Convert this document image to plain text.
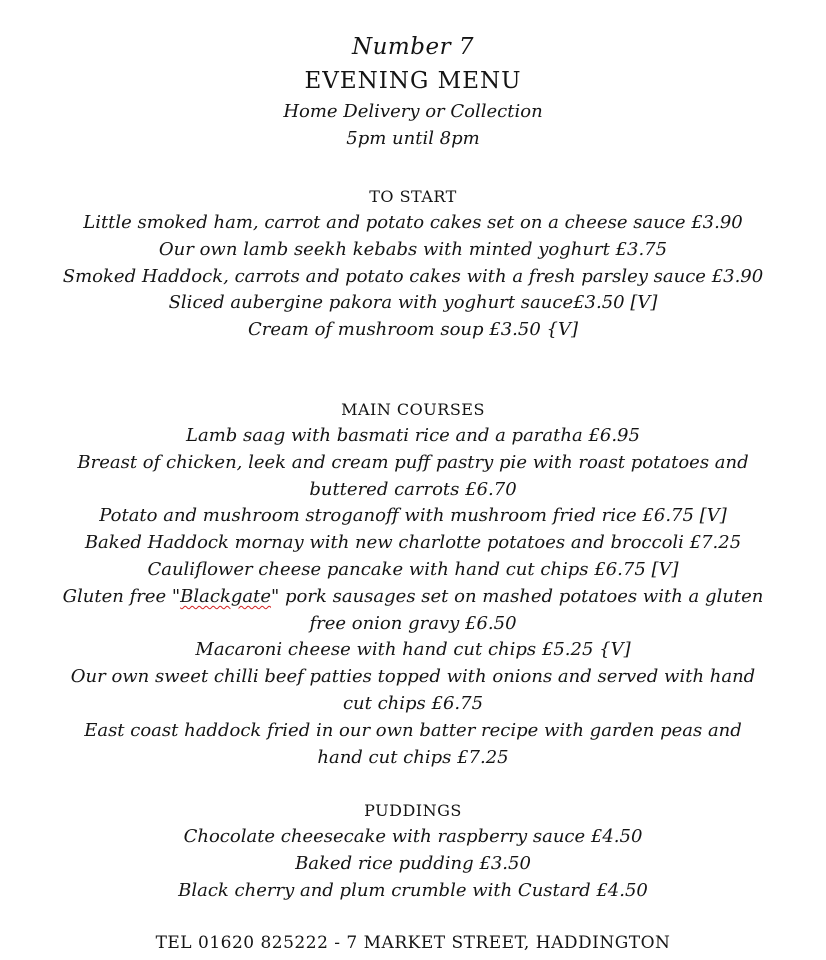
Number 7

EVENING MENU

Home Delivery or Collection

5pm until 8pm

TO START

Little smoked ham, carrot and potato cakes set on a cheese sauce £3.90

Our own lamb seekh kebabs with minted yoghurt £3.75

Smoked Haddock, carrots and potato cakes with a fresh parsley sauce £3.90

Sliced aubergine pakora with yoghurt sauce£3.50 [V]

Cream of mushroom soup £3.50 {V]

MAIN COURSES

Lamb saag with basmati rice and a paratha £6.95

Breast of chicken, leek and cream puff pastry pie with roast potatoes and buttered carrots £6.70

Potato and mushroom stroganoff with mushroom fried rice £6.75 [V]

Baked Haddock mornay with new charlotte potatoes and broccoli £7.25

Cauliflower cheese pancake with hand cut chips £6.75 [V]

Gluten free "Blackgate" pork sausages set on mashed potatoes with a gluten free onion gravy £6.50

Macaroni cheese with hand cut chips £5.25 {V]

Our own sweet chilli beef patties topped with onions and served with hand cut chips £6.75

East coast haddock fried in our own batter recipe with garden peas and hand cut chips £7.25

PUDDINGS

Chocolate cheesecake with raspberry sauce £4.50

Baked rice pudding £3.50

Black cherry and plum crumble with Custard £4.50

TEL 01620 825222 - 7 MARKET STREET, HADDINGTON
